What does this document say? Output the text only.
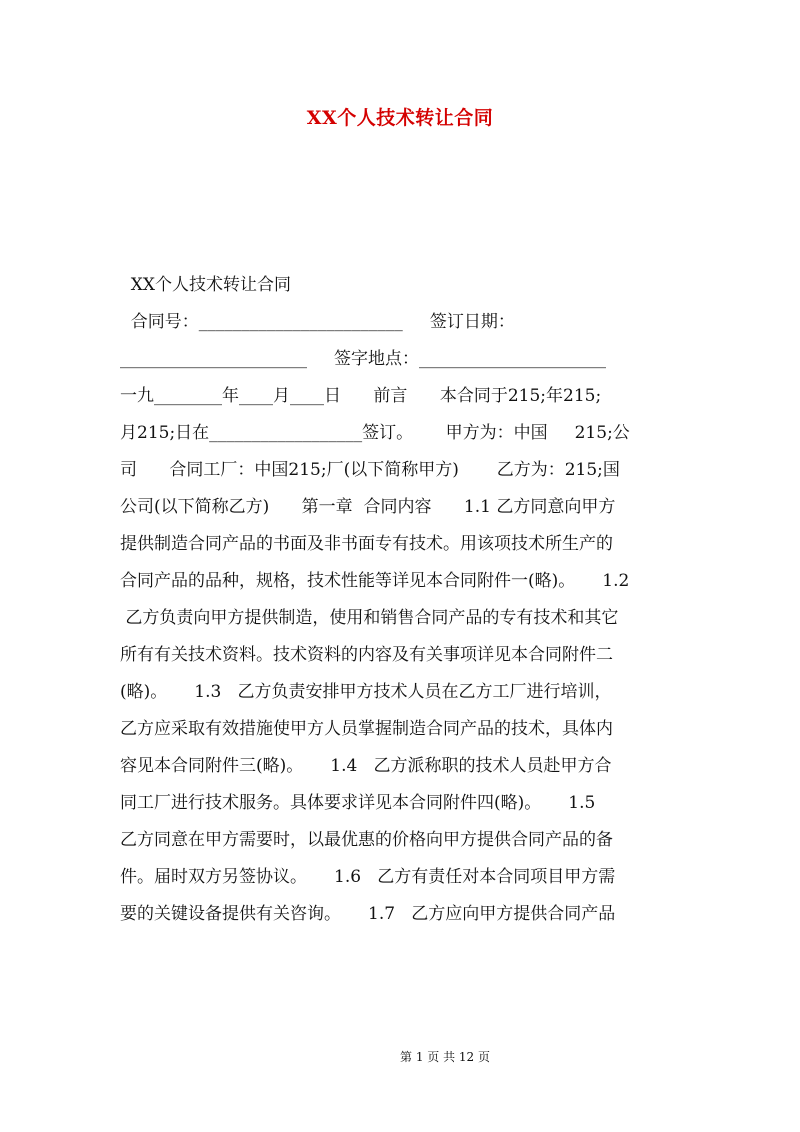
XX个人技术转让合同
XX个人技术转让合同
合同号：________________________     签订日期：
______________________     签字地点：______________________
一九________年____月____日      前言      本合同于215;年215;
月215;日在__________________签订。      甲方为：中国     215;公
司      合同工厂：中国215;厂(以下简称甲方)       乙方为：215;国
公司(以下简称乙方)      第一章  合同内容      1.1 乙方同意向甲方
提供制造合同产品的书面及非书面专有技术。用该项技术所生产的
合同产品的品种，规格，技术性能等详见本合同附件一(略)。     1.2
乙方负责向甲方提供制造，使用和销售合同产品的专有技术和其它
所有有关技术资料。技术资料的内容及有关事项详见本合同附件二
(略)。     1.3   乙方负责安排甲方技术人员在乙方工厂进行培训，
乙方应采取有效措施使甲方人员掌握制造合同产品的技术，具体内
容见本合同附件三(略)。     1.4   乙方派称职的技术人员赴甲方合
同工厂进行技术服务。具体要求详见本合同附件四(略)。     1.5
乙方同意在甲方需要时，以最优惠的价格向甲方提供合同产品的备
件。届时双方另签协议。     1.6   乙方有责任对本合同项目甲方需
要的关键设备提供有关咨询。     1.7   乙方应向甲方提供合同产品
第 1 页 共 12 页
